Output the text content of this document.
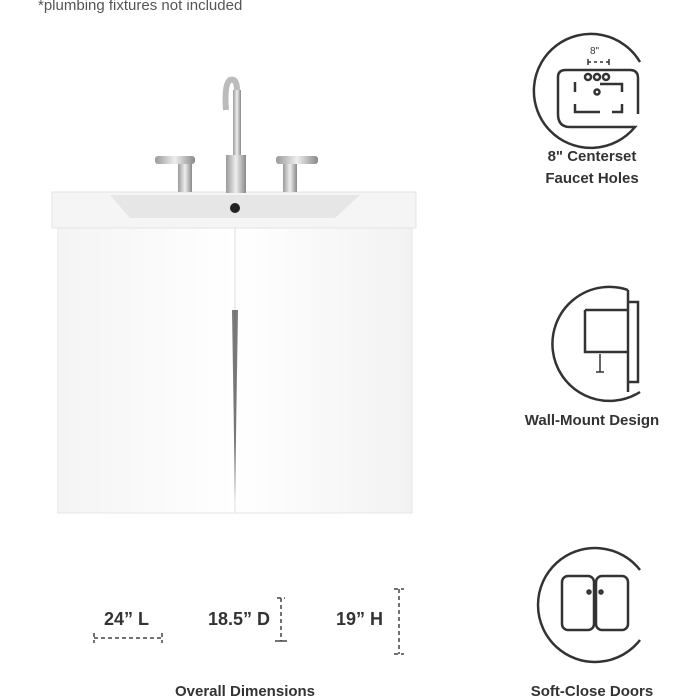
*plumbing fixtures not included
8"
8" Centerset
Faucet Holes
Wall-Mount Design
Soft-Close Doors
24” L	18.5” D	19” H
Overall Dimensions
